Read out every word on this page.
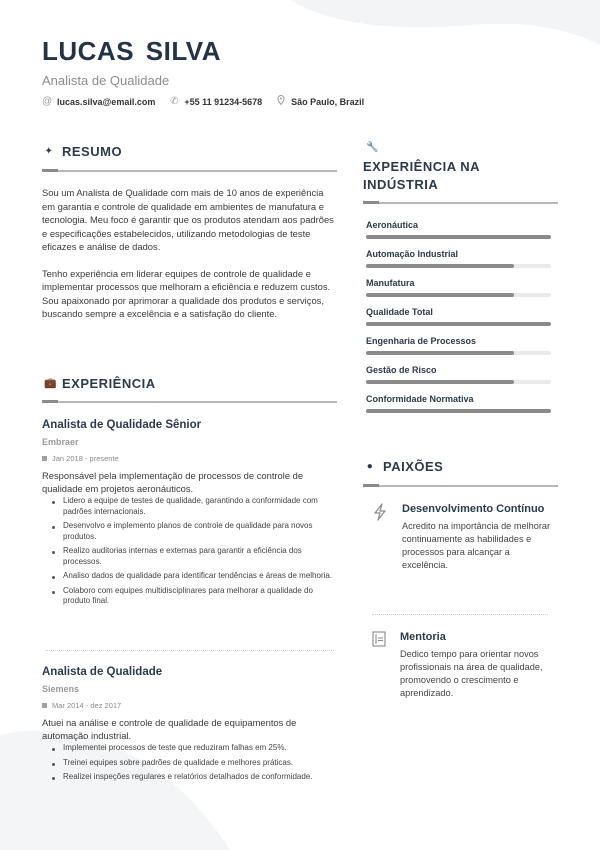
LUCAS SILVA
Analista de Qualidade
@ lucas.silva@email.com ✆ +55 11 91234-5678	São Paulo, Brazil
✦ RESUMO

Sou um Analista de Qualidade com mais de 10 anos de experiência em garantia e controle de qualidade em ambientes de manufatura e tecnologia. Meu foco é garantir que os produtos atendam aos padrões e especificações estabelecidos, utilizando metodologias de teste eficazes e análise de dados.

Tenho experiência em liderar equipes de controle de qualidade e implementar processos que melhoram a eficiência e reduzem custos. Sou apaixonado por aprimorar a qualidade dos produtos e serviços, buscando sempre a excelência e a satisfação do cliente.

💼 EXPERIÊNCIA
Analista de Qualidade Sênior
Embraer
Jan 2018 - presente
Responsável pela implementação de processos de controle de qualidade em projetos aeronáuticos.
Lidero a equipe de testes de qualidade, garantindo a conformidade com padrões internacionais.
Desenvolvo e implemento planos de controle de qualidade para novos produtos.
Realizo auditorias internas e externas para garantir a eficiência dos processos.
Analiso dados de qualidade para identificar tendências e áreas de melhoria.
Colaboro com equipes multidisciplinares para melhorar a qualidade do produto final.
Analista de Qualidade
Siemens
Mar 2014 - dez 2017
Atuei na análise e controle de qualidade de equipamentos de automação industrial.
Implementei processos de teste que reduziram falhas em 25%.
Treinei equipes sobre padrões de qualidade e melhores práticas.
Realizei inspeções regulares e relatórios detalhados de conformidade.
🔧
EXPERIÊNCIA NA INDÚSTRIA
Aeronáutica
Automação Industrial
Manufatura
Qualidade Total
Engenharia de Processos
Gestão de Risco
Conformidade Normativa
● PAIXÕES
Desenvolvimento Contínuo
Acredito na importância de melhorar continuamente as habilidades e processos para alcançar a excelência.
Mentoria
Dedico tempo para orientar novos profissionais na área de qualidade, promovendo o crescimento e aprendizado.
